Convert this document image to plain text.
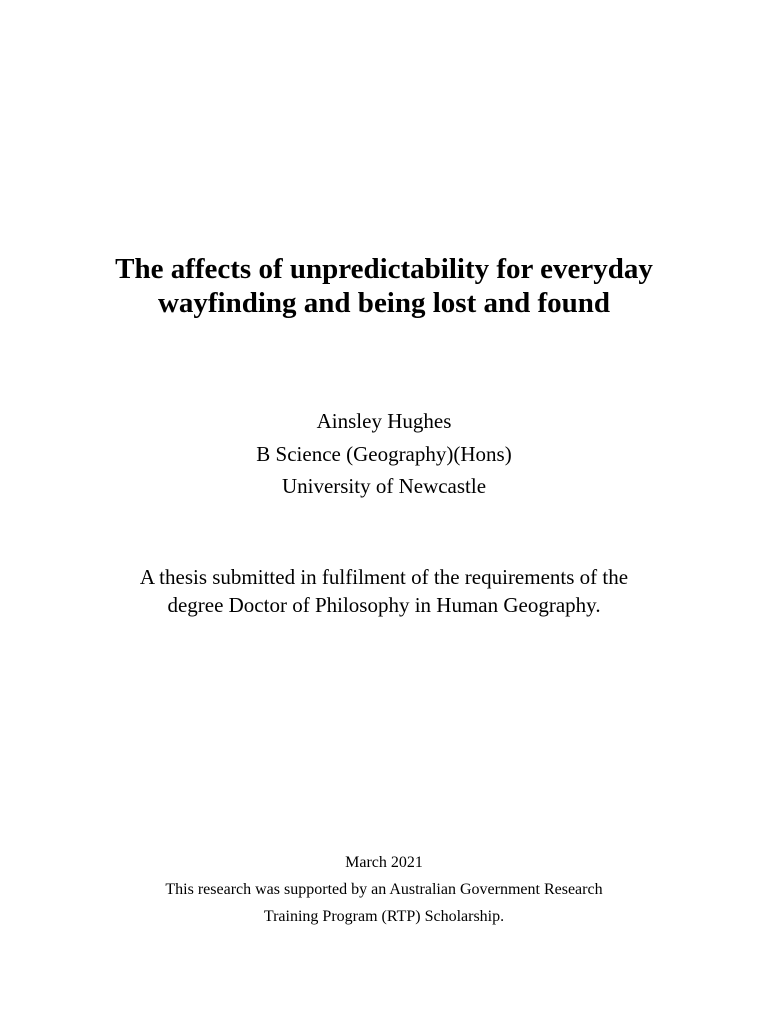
The affects of unpredictability for everyday
wayfinding and being lost and found
Ainsley Hughes
B Science (Geography)(Hons)
University of Newcastle
A thesis submitted in fulfilment of the requirements of the
degree Doctor of Philosophy in Human Geography.
March 2021
This research was supported by an Australian Government Research
Training Program (RTP) Scholarship.
